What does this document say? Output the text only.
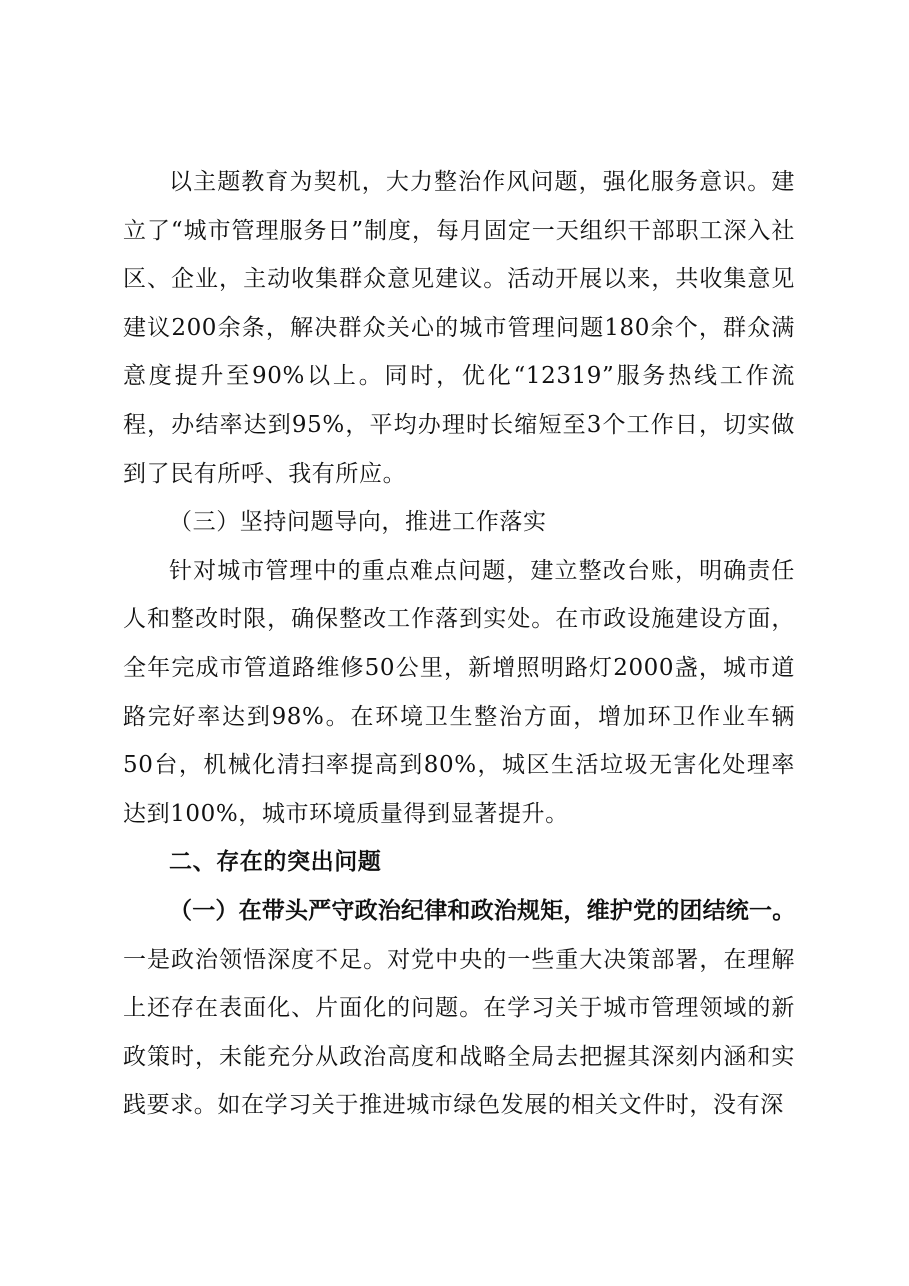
以主题教育为契机，大力整治作风问题，强化服务意识。建立了“城市管理服务日”制度，每月固定一天组织干部职工深入社区、企业，主动收集群众意见建议。活动开展以来，共收集意见建议200余条，解决群众关心的城市管理问题180余个，群众满意度提升至90%以上。同时，优化“12319”服务热线工作流程，办结率达到95%，平均办理时长缩短至3个工作日，切实做到了民有所呼、我有所应。

（三）坚持问题导向，推进工作落实

针对城市管理中的重点难点问题，建立整改台账，明确责任人和整改时限，确保整改工作落到实处。在市政设施建设方面，全年完成市管道路维修50公里，新增照明路灯2000盏，城市道路完好率达到98%。在环境卫生整治方面，增加环卫作业车辆50台，机械化清扫率提高到80%，城区生活垃圾无害化处理率达到100%，城市环境质量得到显著提升。

二、存在的突出问题

（一）在带头严守政治纪律和政治规矩，维护党的团结统一。

一是政治领悟深度不足。对党中央的一些重大决策部署，在理解上还存在表面化、片面化的问题。在学习关于城市管理领域的新政策时，未能充分从政治高度和战略全局去把握其深刻内涵和实践要求。如在学习关于推进城市绿色发展的相关文件时，没有深
